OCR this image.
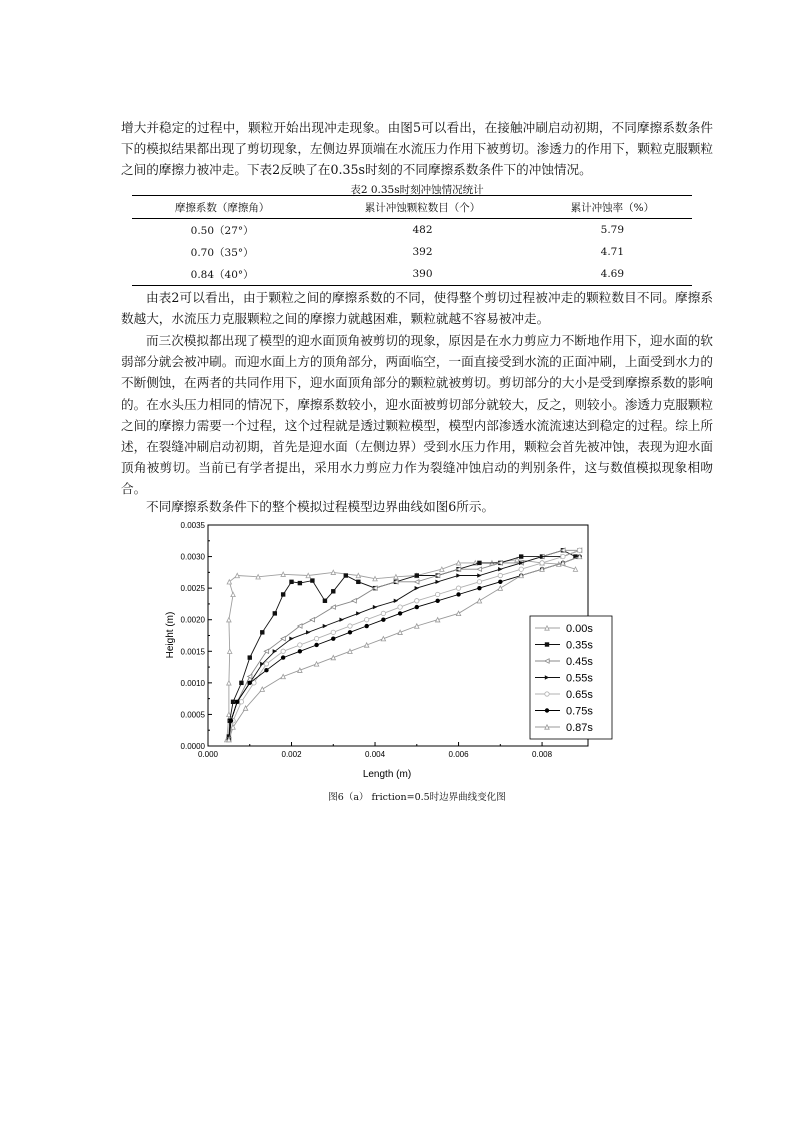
增大并稳定的过程中，颗粒开始出现冲走现象。由图5可以看出，在接触冲刷启动初期，不同摩擦系数条件下的模拟结果都出现了剪切现象，左侧边界顶端在水流压力作用下被剪切。渗透力的作用下，颗粒克服颗粒之间的摩擦力被冲走。下表2反映了在0.35s时刻的不同摩擦系数条件下的冲蚀情况。

表2 0.35s时刻冲蚀情况统计

摩擦系数（摩擦角）	累计冲蚀颗粒数目（个）	累计冲蚀率（%）
0.50（27°）	482	5.79
0.70（35°）	392	4.71
0.84（40°）	390	4.69

由表2可以看出，由于颗粒之间的摩擦系数的不同，使得整个剪切过程被冲走的颗粒数目不同。摩擦系数越大，水流压力克服颗粒之间的摩擦力就越困难，颗粒就越不容易被冲走。

而三次模拟都出现了模型的迎水面顶角被剪切的现象，原因是在水力剪应力不断地作用下，迎水面的软弱部分就会被冲刷。而迎水面上方的顶角部分，两面临空，一面直接受到水流的正面冲刷，上面受到水力的不断侧蚀，在两者的共同作用下，迎水面顶角部分的颗粒就被剪切。剪切部分的大小是受到摩擦系数的影响的。在水头压力相同的情况下，摩擦系数较小，迎水面被剪切部分就较大，反之，则较小。渗透力克服颗粒之间的摩擦力需要一个过程，这个过程就是透过颗粒模型，模型内部渗透水流流速达到稳定的过程。综上所述，在裂缝冲刷启动初期，首先是迎水面（左侧边界）受到水压力作用，颗粒会首先被冲蚀，表现为迎水面顶角被剪切。当前已有学者提出，采用水力剪应力作为裂缝冲蚀启动的判别条件，这与数值模拟现象相吻合。

不同摩擦系数条件下的整个模拟过程模型边界曲线如图6所示。

Height (m)
Length (m)
0.000	0.002	0.004	0.006	0.008
0.0000
0.0005
0.0010
0.0015
0.0020
0.0025
0.0030
0.0035
0.00s
0.35s
0.45s
0.55s
0.65s
0.75s
0.87s

图6（a） friction=0.5时边界曲线变化图
